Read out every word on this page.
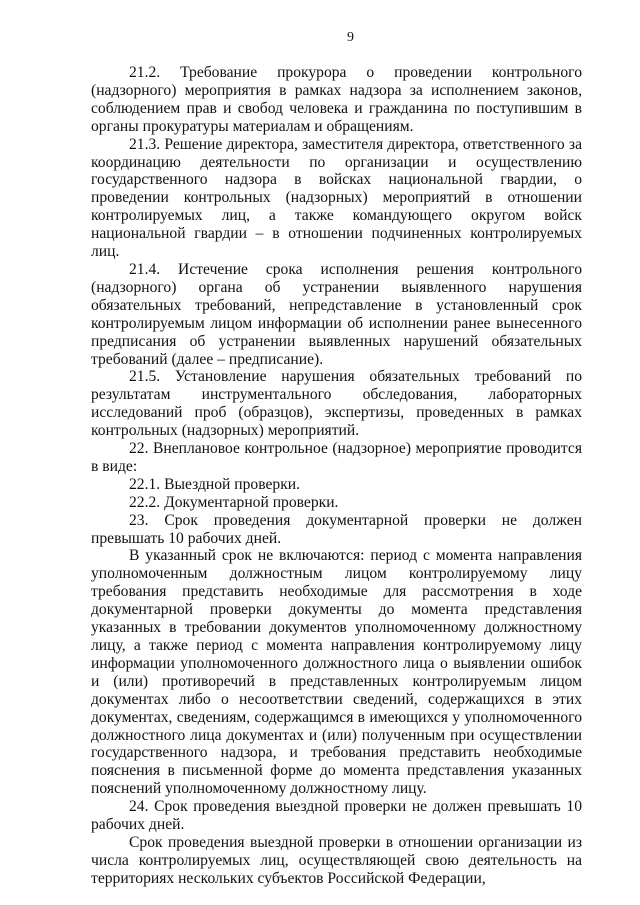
9

21.2. Требование прокурора о проведении контрольного (надзорного) мероприятия в рамках надзора за исполнением законов, соблюдением прав и свобод человека и гражданина по поступившим в органы прокуратуры материалам и обращениям.

21.3. Решение директора, заместителя директора, ответственного за координацию деятельности по организации и осуществлению государственного надзора в войсках национальной гвардии, о проведении контрольных (надзорных) мероприятий в отношении контролируемых лиц, а также командующего округом войск национальной гвардии – в отношении подчиненных контролируемых лиц.

21.4. Истечение срока исполнения решения контрольного (надзорного) органа об устранении выявленного нарушения обязательных требований, непредставление в установленный срок контролируемым лицом информации об исполнении ранее вынесенного предписания об устранении выявленных нарушений обязательных требований (далее – предписание).

21.5. Установление нарушения обязательных требований по результатам инструментального обследования, лабораторных исследований проб (образцов), экспертизы, проведенных в рамках контрольных (надзорных) мероприятий.

22. Внеплановое контрольное (надзорное) мероприятие проводится в виде:

22.1. Выездной проверки.

22.2. Документарной проверки.

23. Срок проведения документарной проверки не должен превышать 10 рабочих дней.

В указанный срок не включаются: период с момента направления уполномоченным должностным лицом контролируемому лицу требования представить необходимые для рассмотрения в ходе документарной проверки документы до момента представления указанных в требовании документов уполномоченному должностному лицу, а также период с момента направления контролируемому лицу информации уполномоченного должностного лица о выявлении ошибок и (или) противоречий в представленных контролируемым лицом документах либо о несоответствии сведений, содержащихся в этих документах, сведениям, содержащимся в имеющихся у уполномоченного должностного лица документах и (или) полученным при осуществлении государственного надзора, и требования представить необходимые пояснения в письменной форме до момента представления указанных пояснений уполномоченному должностному лицу.

24. Срок проведения выездной проверки не должен превышать 10 рабочих дней.

Срок проведения выездной проверки в отношении организации из числа контролируемых лиц, осуществляющей свою деятельность на территориях нескольких субъектов Российской Федерации,
